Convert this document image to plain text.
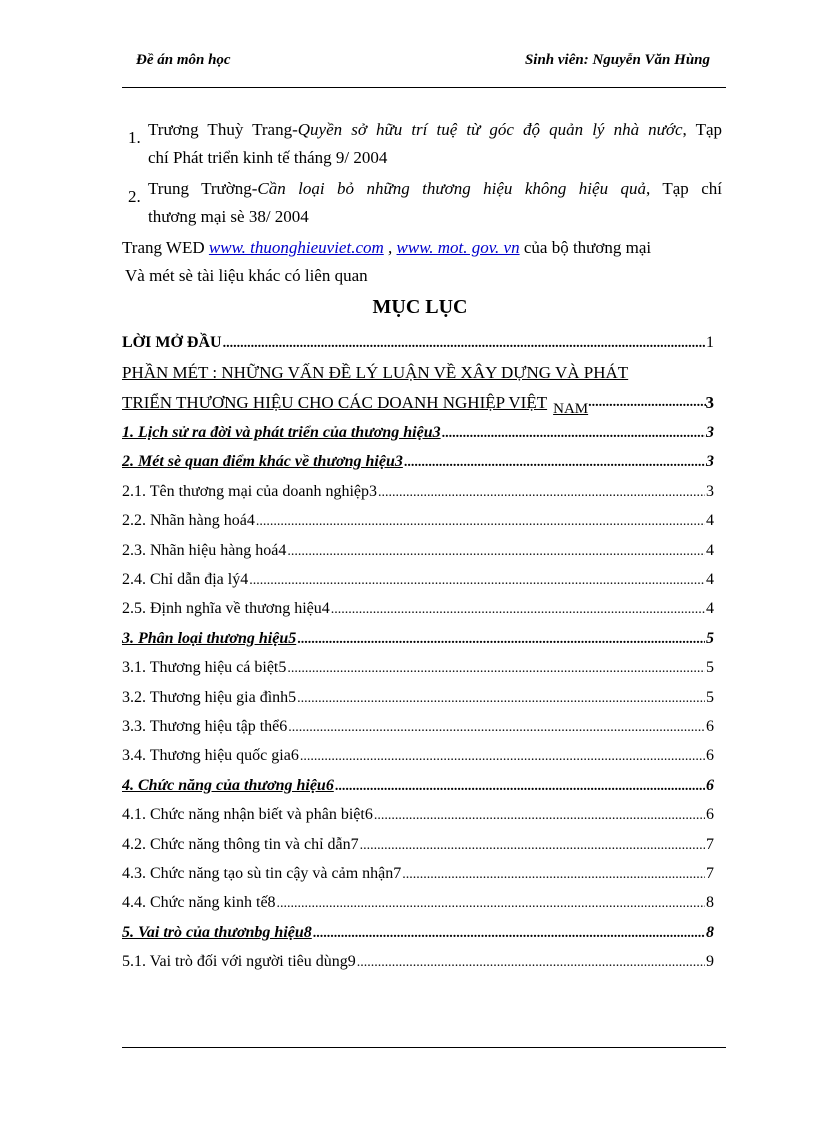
Đề án môn học	Sinh viên: Nguyễn Văn Hùng
1. Trương Thuỳ Trang-Quyền sở hữu trí tuệ từ góc độ quản lý nhà nước, Tạp
chí Phát triển kinh tế tháng 9/ 2004
2. Trung Trường-Cần loại bỏ những thương hiệu không hiệu quả, Tạp chí
thương mại sè 38/ 2004
Trang WED www. thuonghieuviet.com , www. mot. gov. vn của bộ thương mại
Và mét sè tài liệu khác có liên quan
MỤC LỤC
LỜI MỞ ĐẦU .....	1
PHẦN MÉT : NHỮNG VẤN ĐỀ LÝ LUẬN VỀ XÂY DỰNG VÀ PHÁT
TRIỂN THƯƠNG HIỆU CHO CÁC DOANH NGHIỆP VIỆT NAM .....	3
1. Lịch sử ra đời và phát triển của thương hiệu3 .....	3
2. Mét sè quan điểm khác về thương hiệu3 .....	3
2.1. Tên thương mại của doanh nghiệp3 .....	3
2.2. Nhãn hàng hoá4 .....	4
2.3. Nhãn hiệu hàng hoá4 .....	4
2.4. Chỉ dẫn địa lý4 .....	4
2.5. Định nghĩa về thương hiệu4 .....	4
3. Phân loại thương hiệu5 .....	5
3.1. Thương hiệu cá biệt5 .....	5
3.2. Thương hiệu gia đình5 .....	5
3.3. Thương hiệu tập thể6 .....	6
3.4. Thương hiệu quốc gia6 .....	6
4. Chức năng của thương hiệu6 .....	6
4.1. Chức năng nhận biết và phân biệt6 .....	6
4.2. Chức năng thông tin và chỉ dẫn7 .....	7
4.3. Chức năng tạo sù tin cậy và cảm nhận7 .....	7
4.4. Chức năng kinh tế8 .....	8
5. Vai trò của thươnbg hiệu8 .....	8
5.1. Vai trò đối với người tiêu dùng9 .....	9
